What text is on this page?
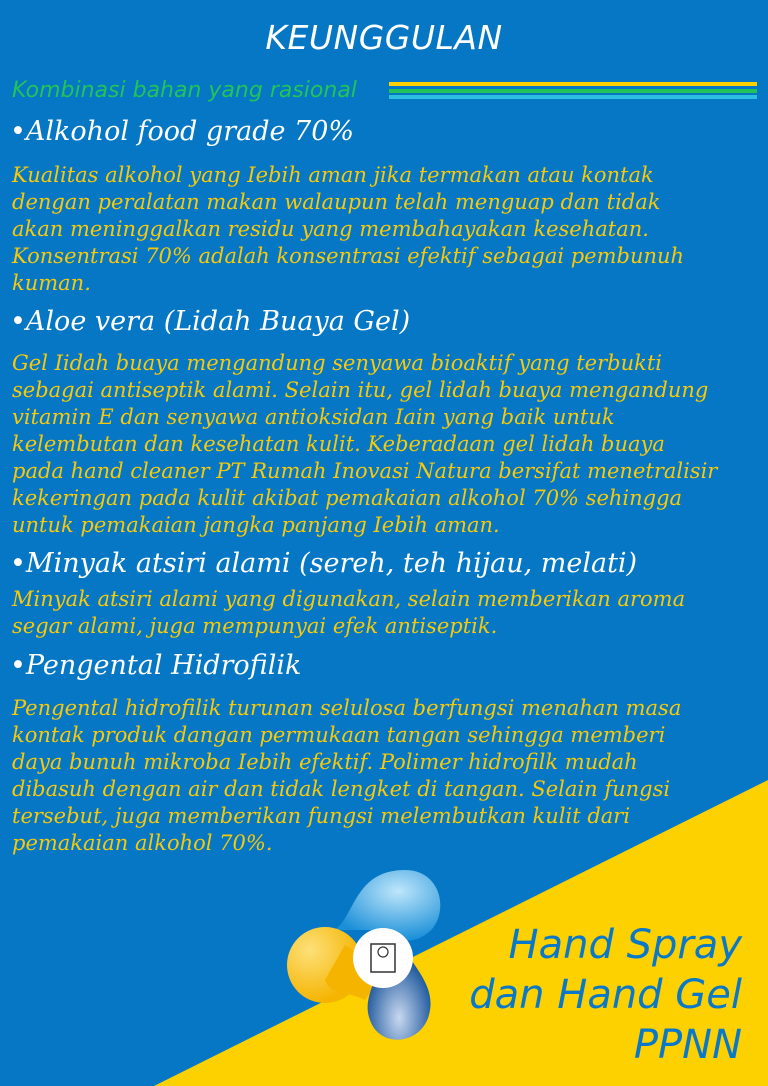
KEUNGGULAN
Kombinasi bahan yang rasional
•Alkohol food grade 70%
Kualitas alkohol yang Iebih aman jika termakan atau kontak
dengan peralatan makan walaupun telah menguap dan tidak
akan meninggalkan residu yang membahayakan kesehatan.
Konsentrasi 70% adalah konsentrasi efektif sebagai pembunuh
kuman.
•Aloe vera (Lidah Buaya Gel)
Gel Iidah buaya mengandung senyawa bioaktif yang terbukti
sebagai antiseptik alami. Selain itu, gel lidah buaya mengandung
vitamin E dan senyawa antioksidan Iain yang baik untuk
kelembutan dan kesehatan kulit. Keberadaan gel lidah buaya
pada hand cleaner PT Rumah Inovasi Natura bersifat menetralisir
kekeringan pada kulit akibat pemakaian alkohol 70% sehingga
untuk pemakaian jangka panjang Iebih aman.
•Minyak atsiri alami (sereh, teh hijau, melati)
Minyak atsiri alami yang digunakan, selain memberikan aroma
segar alami, juga mempunyai efek antiseptik.
•Pengental Hidrofilik
Pengental hidrofilik turunan selulosa berfungsi menahan masa
kontak produk dangan permukaan tangan sehingga memberi
daya bunuh mikroba Iebih efektif. Polimer hidrofilk mudah
dibasuh dengan air dan tidak lengket di tangan. Selain fungsi
tersebut, juga memberikan fungsi melembutkan kulit dari
pemakaian alkohol 70%.
Hand Spray
dan Hand Gel
PPNN
